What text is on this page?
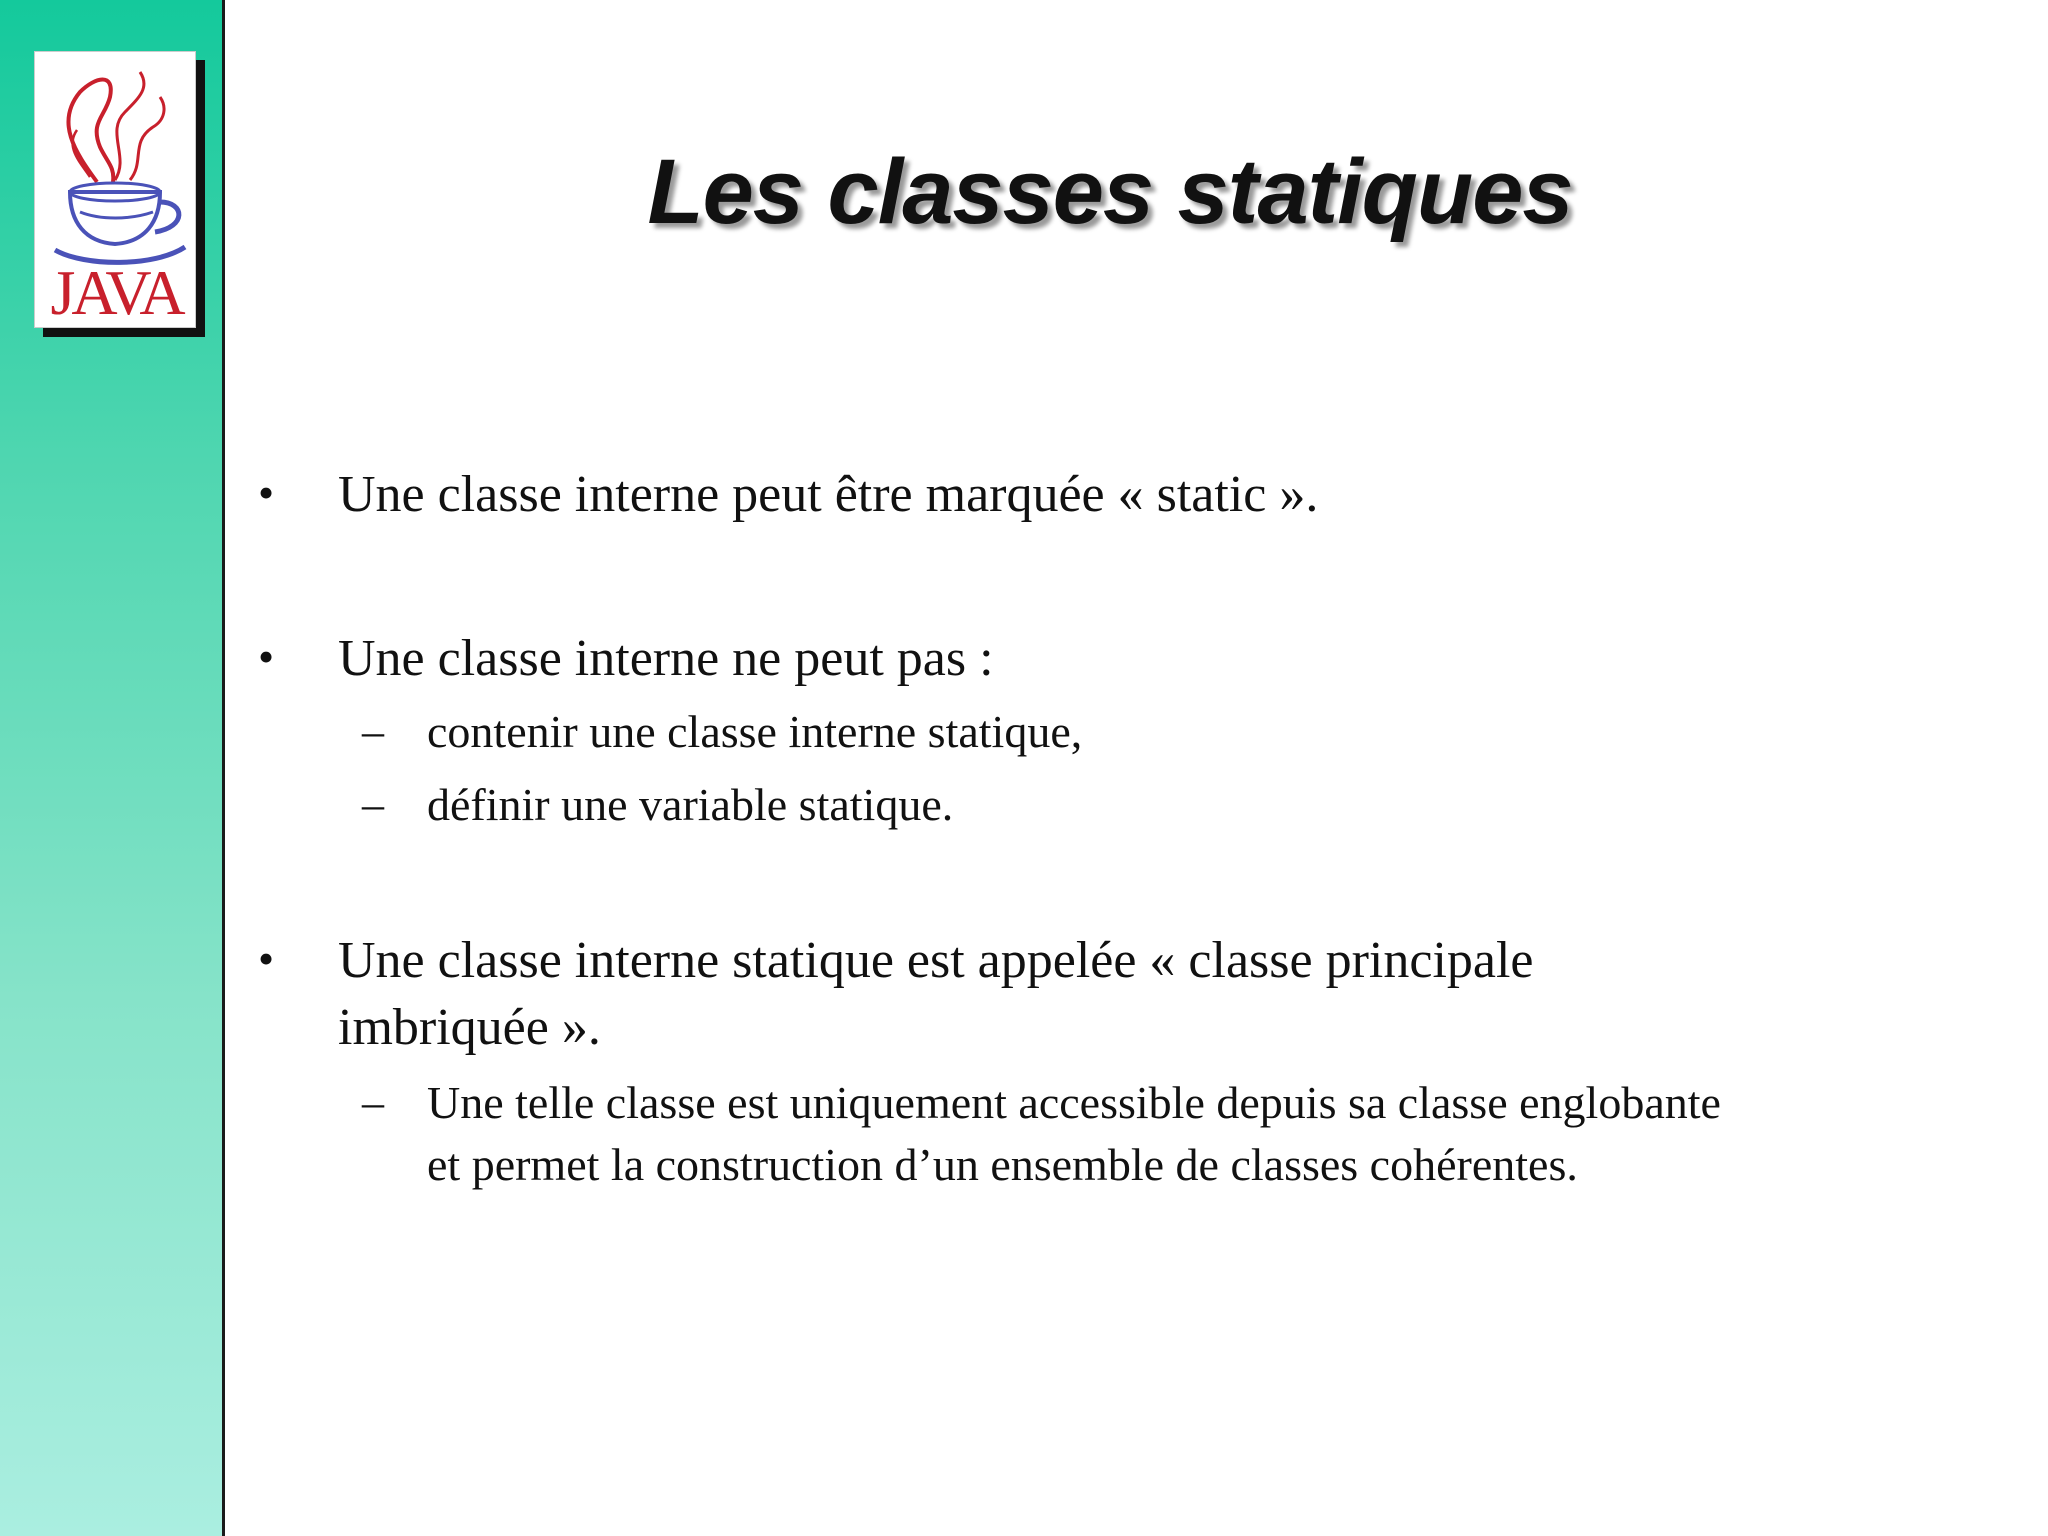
JAVA
Les classes statiques
• Une classe interne peut être marquée « static ».
• Une classe interne ne peut pas :
– contenir une classe interne statique,
– définir une variable statique.
• Une classe interne statique est appelée « classe principale
imbriquée ».
– Une telle classe est uniquement accessible depuis sa classe englobante
et permet la construction d’un ensemble de classes cohérentes.
